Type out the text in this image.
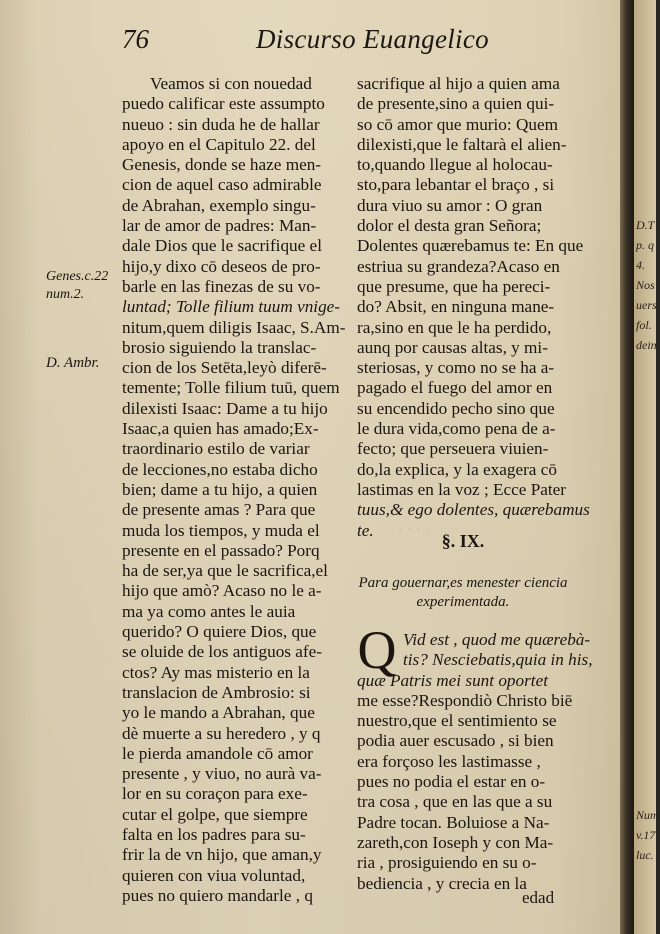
76	Discurso Euangelico
Veamos si con nouedad
puedo calificar este assumpto
nueuo : sin duda he de hallar
apoyo en el Capitulo 22. del
Genesis, donde se haze men-
cion de aquel caso admirable
de Abrahan, exemplo singu-
lar de amor de padres: Man-
dale Dios que le sacrifique el
hijo,y dixo cō deseos de pro-
barle en las finezas de su vo-
luntad; Tolle filium tuum vnige-
nitum,quem diligis Isaac, S.Am-
brosio siguiendo la translaс-
cion de los Setēta,leyò diferē-
temente; Tolle filium tuū, quem
dilexisti Isaac: Dame a tu hijo
Isaac,a quien has amado;Ex-
traordinario estilo de variar
de lecciones,no estaba dicho
bien; dame a tu hijo, a quien
de presente amas ? Para que
muda los tiempos, y muda el
presente en el passado? Porq
ha de ser,ya que le sacrifica,el
hijo que amò? Acaso no le a-
ma ya como antes le auia
querido? O quiere Dios, que
se oluide de los antiguos afe-
ctos? Ay mas misterio en la
translacion de Ambrosio: si
yo le mando a Abrahan, que
dè muerte a su heredero , y q
le pierda amandole cō amor
presente , y viuo, no aurà va-
lor en su coraçon para exe-
cutar el golpe, que siempre
falta en los padres para su-
frir la de vn hijo, que aman,y
quieren con viua voluntad,
pues no quiero mandarle , q
Genes.c.22
num.2.
D. Ambr.
sacrifique al hijo a quien ama
de presente,sino a quien qui-
so cō amor que murio: Quem
dilexisti,que le faltarà el alien-
to,quando llegue al holocau-
sto,para lebantar el braço , si
dura viuo su amor : O gran
dolor el desta gran Señora;
Dolentes quærebamus te: En que
estriua su grandeza?Acaso en
que presume, que ha pereci-
do? Absit, en ninguna mane-
ra,sino en que le ha perdido,
aunq por causas altas, y mi-
steriosas, y como no se ha a-
pagado el fuego del amor en
su encendido pecho sino que
le dura vida,como pena de a-
fecto; que perseuera viuien-
do,la explica, y la exagera cō
lastimas en la voz ; Ecce Pater
tuus,& ego dolentes, quærebamus
te. · · · · ·
§. IX.
Para gouernar,es menester ciencia
experimentada.
Q Vid est , quod me quærebà-
tis? Nesciebatis,quia in his,
quæ Patris mei sunt oportet
me esse?Respondiò Christo biē
nuestro,que el sentimiento se
podia auer escusado , si bien
era forçoso les lastimasse ,
pues no podia el estar en o-
tra cosa , que en las que a su
Padre tocan. Boluiose a Na-
zareth,con Ioseph y con Ma-
ria , prosiguiendo en su o-
bediencia , y crecia en la
edad
D.T
p. q
4.
Nos
uers.
fol.
dein
Num
v.17.
luc.
